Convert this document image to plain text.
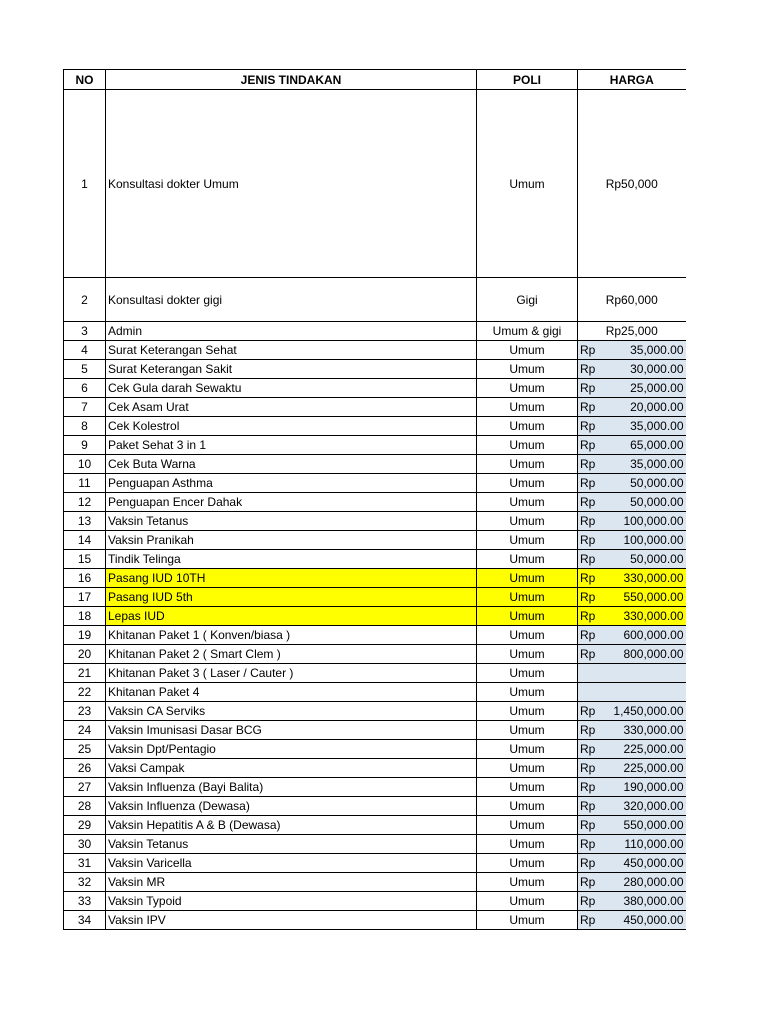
NO	JENIS TINDAKAN	POLI	HARGA
1	Konsultasi dokter Umum	Umum	Rp50,000
2	Konsultasi dokter gigi	Gigi	Rp60,000
3	Admin	Umum & gigi	Rp25,000
4	Surat Keterangan Sehat	Umum	Rp 35,000.00

5	Surat Keterangan Sakit	Umum	Rp 30,000.00

6	Cek Gula darah Sewaktu	Umum	Rp 25,000.00

7	Cek Asam Urat	Umum	Rp 20,000.00

8	Cek Kolestrol	Umum	Rp 35,000.00

9	Paket Sehat 3 in 1	Umum	Rp 65,000.00

10	Cek Buta Warna	Umum	Rp 35,000.00

11	Penguapan Asthma	Umum	Rp 50,000.00

12	Penguapan Encer Dahak	Umum	Rp 50,000.00

13	Vaksin Tetanus	Umum	Rp 100,000.00

14	Vaksin Pranikah	Umum	Rp 100,000.00

15	Tindik Telinga	Umum	Rp 50,000.00

16	Pasang IUD 10TH	Umum	Rp 330,000.00

17	Pasang IUD 5th	Umum	Rp 550,000.00

18	Lepas IUD	Umum	Rp 330,000.00

19	Khitanan Paket 1 ( Konven/biasa )	Umum	Rp 600,000.00

20	Khitanan Paket 2 ( Smart Clem )	Umum	Rp 800,000.00

21	Khitanan Paket 3 ( Laser / Cauter )	Umum	

22	Khitanan Paket 4	Umum	

23	Vaksin CA Serviks	Umum	Rp 1,450,000.00

24	Vaksin Imunisasi Dasar BCG	Umum	Rp 330,000.00

25	Vaksin Dpt/Pentagio	Umum	Rp 225,000.00

26	Vaksi Campak	Umum	Rp 225,000.00

27	Vaksin Influenza (Bayi Balita)	Umum	Rp 190,000.00

28	Vaksin Influenza (Dewasa)	Umum	Rp 320,000.00

29	Vaksin Hepatitis A & B (Dewasa)	Umum	Rp 550,000.00

30	Vaksin Tetanus	Umum	Rp 110,000.00

31	Vaksin Varicella	Umum	Rp 450,000.00

32	Vaksin MR	Umum	Rp 280,000.00

33	Vaksin Typoid	Umum	Rp 380,000.00

34	Vaksin IPV	Umum	Rp 450,000.00
